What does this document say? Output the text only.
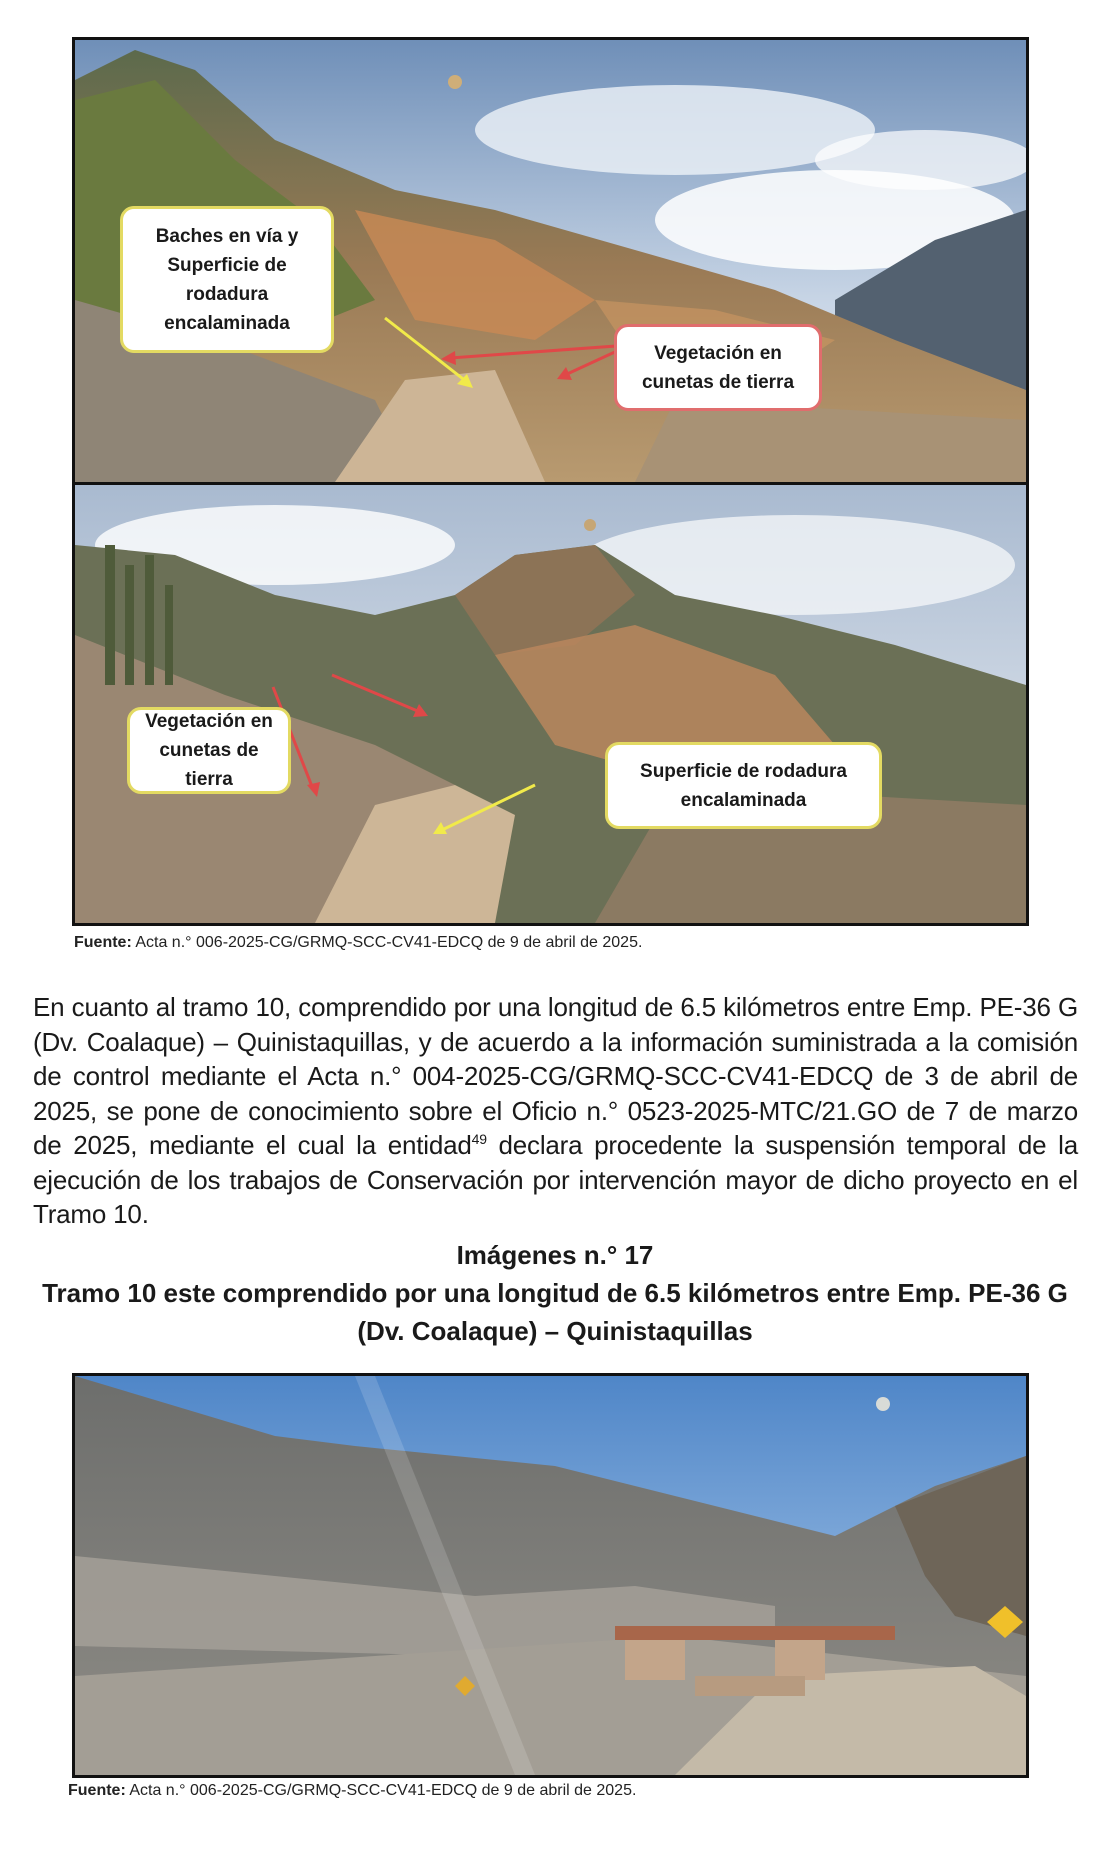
Baches en vía y
Superficie de
rodadura
encalaminada
Vegetación en
cunetas de tierra
Vegetación en
cunetas de tierra	Superficie de rodadura
encalaminada
Fuente: Acta n.° 006-2025-CG/GRMQ-SCC-CV41-EDCQ de 9 de abril de 2025.

En cuanto al tramo 10, comprendido por una longitud de 6.5 kilómetros entre Emp. PE-36 G (Dv. Coalaque) – Quinistaquillas, y de acuerdo a la información suministrada a la comisión de control mediante el Acta n.° 004-2025-CG/GRMQ-SCC-CV41-EDCQ de 3 de abril de 2025, se pone de conocimiento sobre el Oficio n.° 0523-2025-MTC/21.GO de 7 de marzo de 2025, mediante el cual la entidad$^{49}$ declara procedente la suspensión temporal de la ejecución de los trabajos de Conservación por intervención mayor de dicho proyecto en el Tramo 10.

Imágenes n.° 17
Tramo 10 este comprendido por una longitud de 6.5 kilómetros entre Emp. PE-36 G
(Dv. Coalaque) – Quinistaquillas
Fuente: Acta n.° 006-2025-CG/GRMQ-SCC-CV41-EDCQ de 9 de abril de 2025.
